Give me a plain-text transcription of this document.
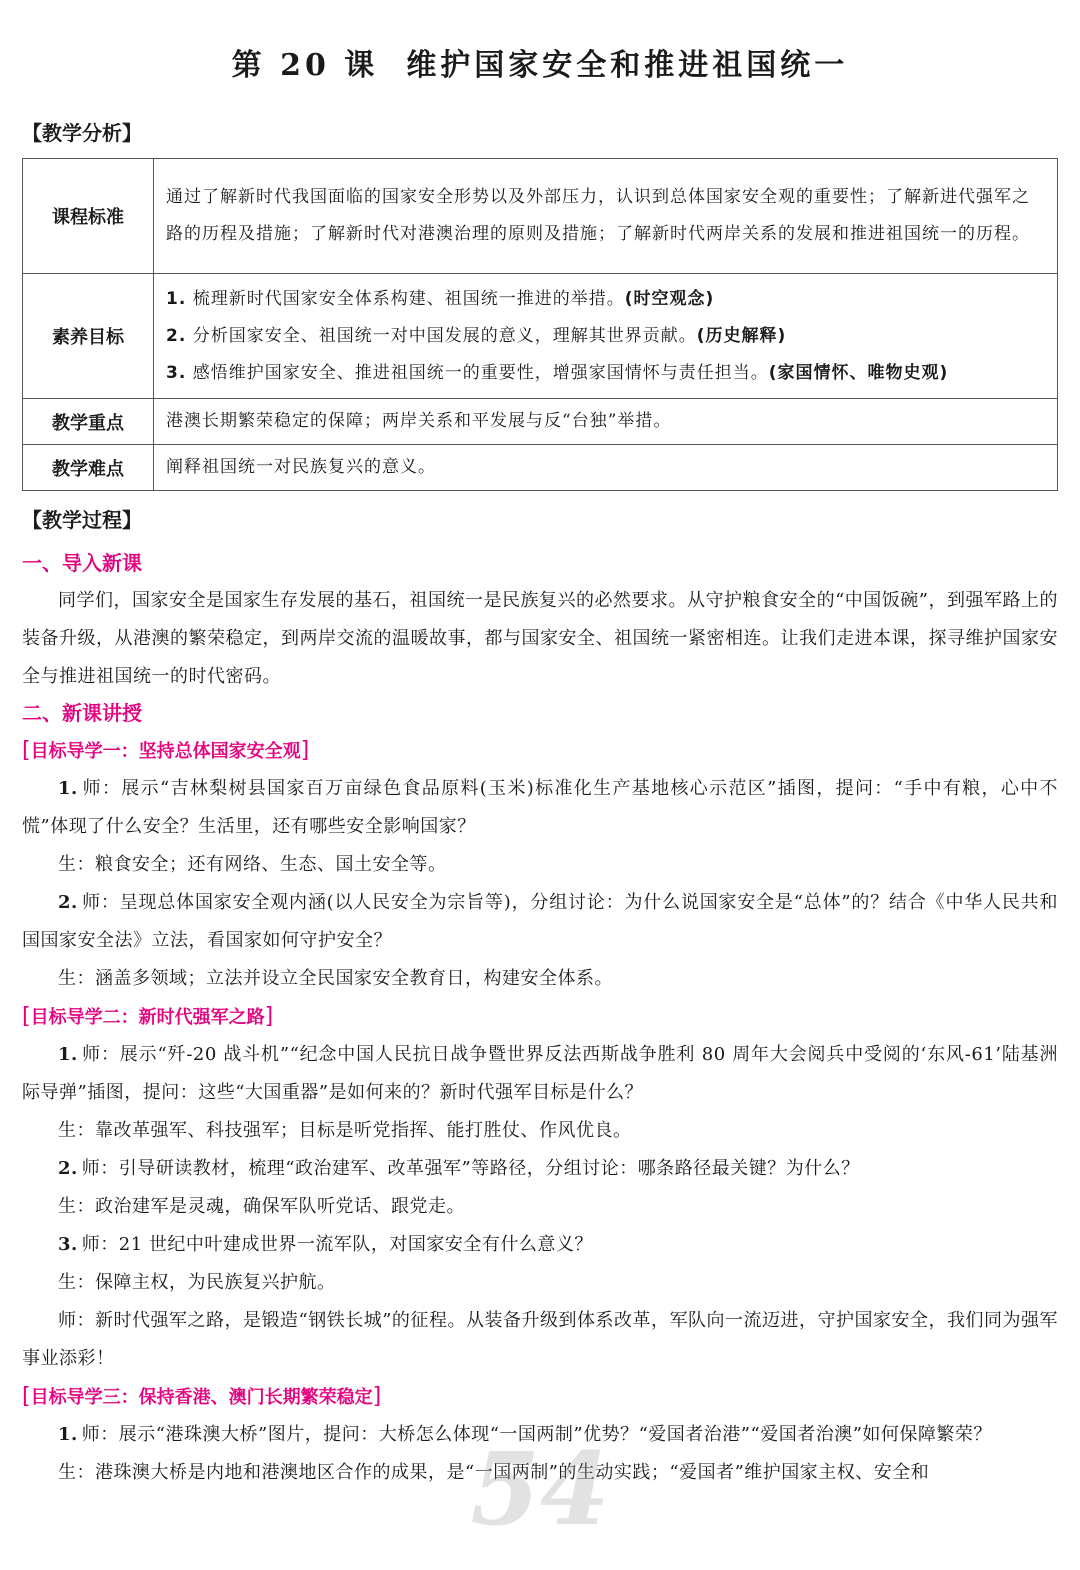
第 20 课 维护国家安全和推进祖国统一
【教学分析】
课程标准	通过了解新时代我国面临的国家安全形势以及外部压力，认识到总体国家安全观的重要性；了解新进代强军之路的历程及措施；了解新时代对港澳治理的原则及措施；了解新时代两岸关系的发展和推进祖国统一的历程。
素养目标	1. 梳理新时代国家安全体系构建、祖国统一推进的举措。(时空观念)
2. 分析国家安全、祖国统一对中国发展的意义，理解其世界贡献。(历史解释)
3. 感悟维护国家安全、推进祖国统一的重要性，增强家国情怀与责任担当。(家国情怀、唯物史观)

教学重点	港澳长期繁荣稳定的保障；两岸关系和平发展与反“台独”举措。
教学难点	阐释祖国统一对民族复兴的意义。
【教学过程】
一、导入新课

同学们，国家安全是国家生存发展的基石，祖国统一是民族复兴的必然要求。从守护粮食安全的“中国饭碗”，到强军路上的装备升级，从港澳的繁荣稳定，到两岸交流的温暖故事，都与国家安全、祖国统一紧密相连。让我们走进本课，探寻维护国家安全与推进祖国统一的时代密码。

二、新课讲授
[目标导学一：坚持总体国家安全观]

1. 师：展示“吉林梨树县国家百万亩绿色食品原料(玉米)标准化生产基地核心示范区”插图，提问：“手中有粮，心中不慌”体现了什么安全？生活里，还有哪些安全影响国家？

生：粮食安全；还有网络、生态、国土安全等。

2. 师：呈现总体国家安全观内涵(以人民安全为宗旨等)，分组讨论：为什么说国家安全是“总体”的？结合《中华人民共和国国家安全法》立法，看国家如何守护安全？

生：涵盖多领域；立法并设立全民国家安全教育日，构建安全体系。

[目标导学二：新时代强军之路]

1. 师：展示“歼-20 战斗机”“纪念中国人民抗日战争暨世界反法西斯战争胜利 80 周年大会阅兵中受阅的‘东风-61’陆基洲际导弹”插图，提问：这些“大国重器”是如何来的？新时代强军目标是什么？

生：靠改革强军、科技强军；目标是听党指挥、能打胜仗、作风优良。

2. 师：引导研读教材，梳理“政治建军、改革强军”等路径，分组讨论：哪条路径最关键？为什么？

生：政治建军是灵魂，确保军队听党话、跟党走。

3. 师：21 世纪中叶建成世界一流军队，对国家安全有什么意义？

生：保障主权，为民族复兴护航。

师：新时代强军之路，是锻造“钢铁长城”的征程。从装备升级到体系改革，军队向一流迈进，守护国家安全，我们同为强军事业添彩！

[目标导学三：保持香港、澳门长期繁荣稳定]

1. 师：展示“港珠澳大桥”图片，提问：大桥怎么体现“一国两制”优势？“爱国者治港”“爱国者治澳”如何保障繁荣？

生：港珠澳大桥是内地和港澳地区合作的成果，是“一国两制”的生动实践；“爱国者”维护国家主权、安全和

54
